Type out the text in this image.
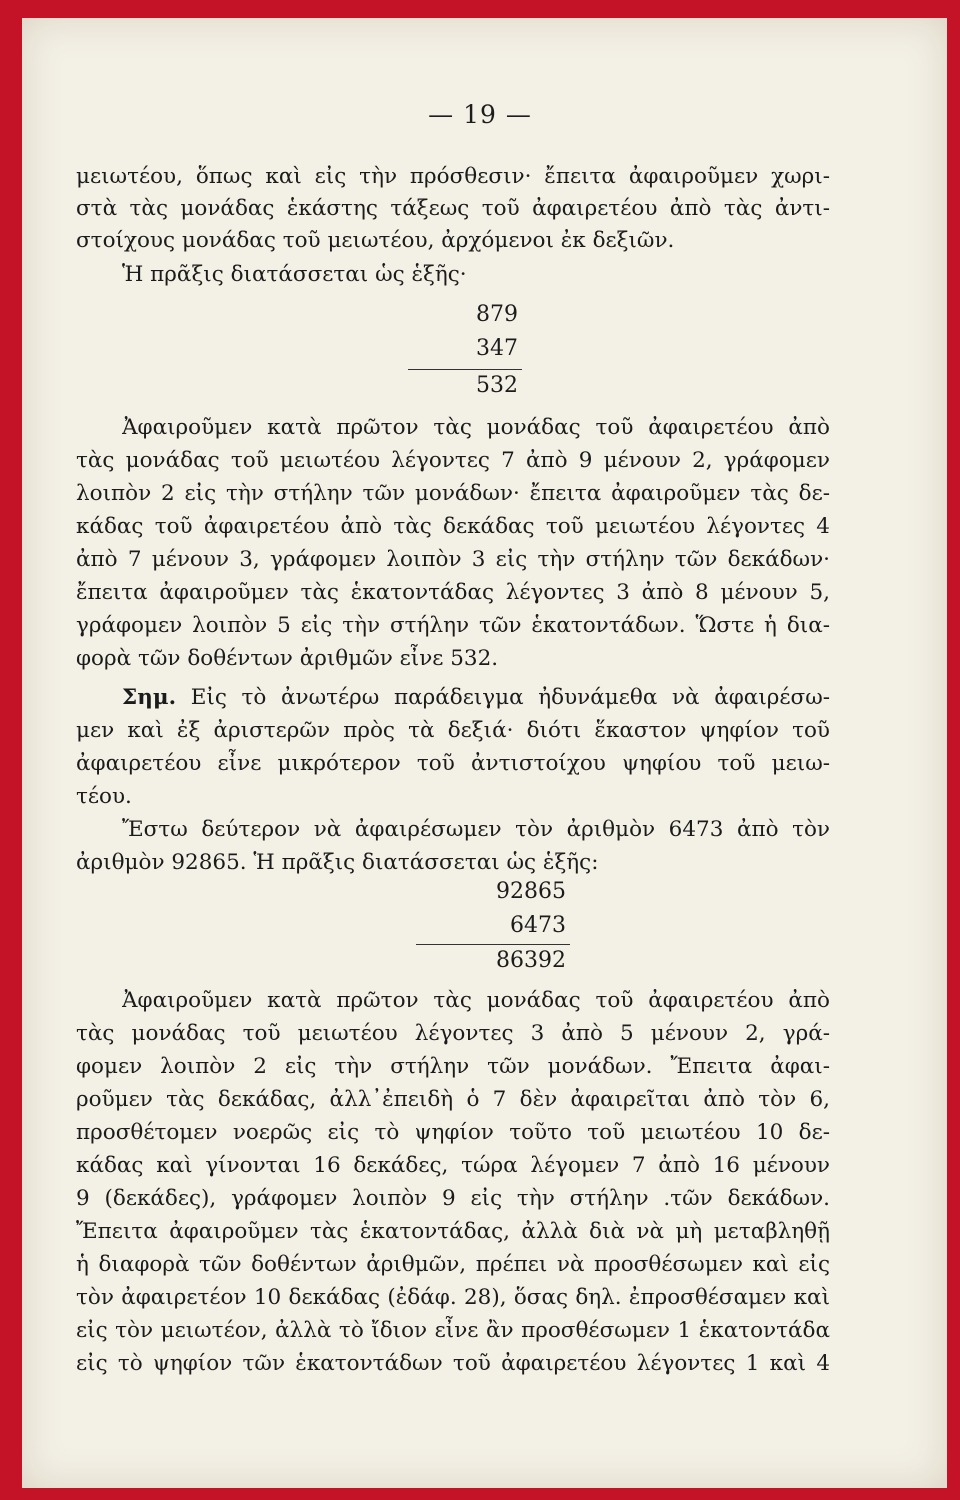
— 19 —
μειωτέου, ὅπως καὶ εἰς τὴν πρόσθεσιν· ἔπειτα ἀφαιροῦμεν χωρι-
στὰ τὰς μονάδας ἑκάστης τάξεως τοῦ ἀφαιρετέου ἀπὸ τὰς ἀντι-
στοίχους μονάδας τοῦ μειωτέου, ἀρχόμενοι ἐκ δεξιῶν.
Ἡ πρᾶξις διατάσσεται ὡς ἑξῆς·
879
347
532
Ἀφαιροῦμεν κατὰ πρῶτον τὰς μονάδας τοῦ ἀφαιρετέου ἀπὸ
τὰς μονάδας τοῦ μειωτέου λέγοντες 7 ἀπὸ 9 μένουν 2, γράφομεν
λοιπὸν 2 εἰς τὴν στήλην τῶν μονάδων· ἔπειτα ἀφαιροῦμεν τὰς δε-
κάδας τοῦ ἀφαιρετέου ἀπὸ τὰς δεκάδας τοῦ μειωτέου λέγοντες 4
ἀπὸ 7 μένουν 3, γράφομεν λοιπὸν 3 εἰς τὴν στήλην τῶν δεκάδων·
ἔπειτα ἀφαιροῦμεν τὰς ἑκατοντάδας λέγοντες 3 ἀπὸ 8 μένουν 5,
γράφομεν λοιπὸν 5 εἰς τὴν στήλην τῶν ἑκατοντάδων. Ὥστε ἡ δια-
φορὰ τῶν δοθέντων ἀριθμῶν εἶνε 532.
Σημ. Εἰς τὸ ἀνωτέρω παράδειγμα ἠδυνάμεθα νὰ ἀφαιρέσω-
μεν καὶ ἐξ ἀριστερῶν πρὸς τὰ δεξιά· διότι ἕκαστον ψηφίον τοῦ
ἀφαιρετέου εἶνε μικρότερον τοῦ ἀντιστοίχου ψηφίου τοῦ μειω-
τέου.
Ἔστω δεύτερον νὰ ἀφαιρέσωμεν τὸν ἀριθμὸν 6473 ἀπὸ τὸν
ἀριθμὸν 92865. Ἡ πρᾶξις διατάσσεται ὡς ἑξῆς:
92865
6473
86392
Ἀφαιροῦμεν κατὰ πρῶτον τὰς μονάδας τοῦ ἀφαιρετέου ἀπὸ
τὰς μονάδας τοῦ μειωτέου λέγοντες 3 ἀπὸ 5 μένουν 2, γρά-
φομεν λοιπὸν 2 εἰς τὴν στήλην τῶν μονάδων. Ἔπειτα ἀφαι-
ροῦμεν τὰς δεκάδας, ἀλλ᾽ἐπειδὴ ὁ 7 δὲν ἀφαιρεῖται ἀπὸ τὸν 6,
προσθέτομεν νοερῶς εἰς τὸ ψηφίον τοῦτο τοῦ μειωτέου 10 δε-
κάδας καὶ γίνονται 16 δεκάδες, τώρα λέγομεν 7 ἀπὸ 16 μένουν
9 (δεκάδες), γράφομεν λοιπὸν 9 εἰς τὴν στήλην .τῶν δεκάδων.
Ἔπειτα ἀφαιροῦμεν τὰς ἑκατοντάδας, ἀλλὰ διὰ νὰ μὴ μεταβληθῇ
ἡ διαφορὰ τῶν δοθέντων ἀριθμῶν, πρέπει νὰ προσθέσωμεν καὶ εἰς
τὸν ἀφαιρετέον 10 δεκάδας (ἐδάφ. 28), ὅσας δηλ. ἐπροσθέσαμεν καὶ
εἰς τὸν μειωτέον, ἀλλὰ τὸ ἴδιον εἶνε ἂν προσθέσωμεν 1 ἑκατοντάδα
εἰς τὸ ψηφίον τῶν ἑκατοντάδων τοῦ ἀφαιρετέου λέγοντες 1 καὶ 4
